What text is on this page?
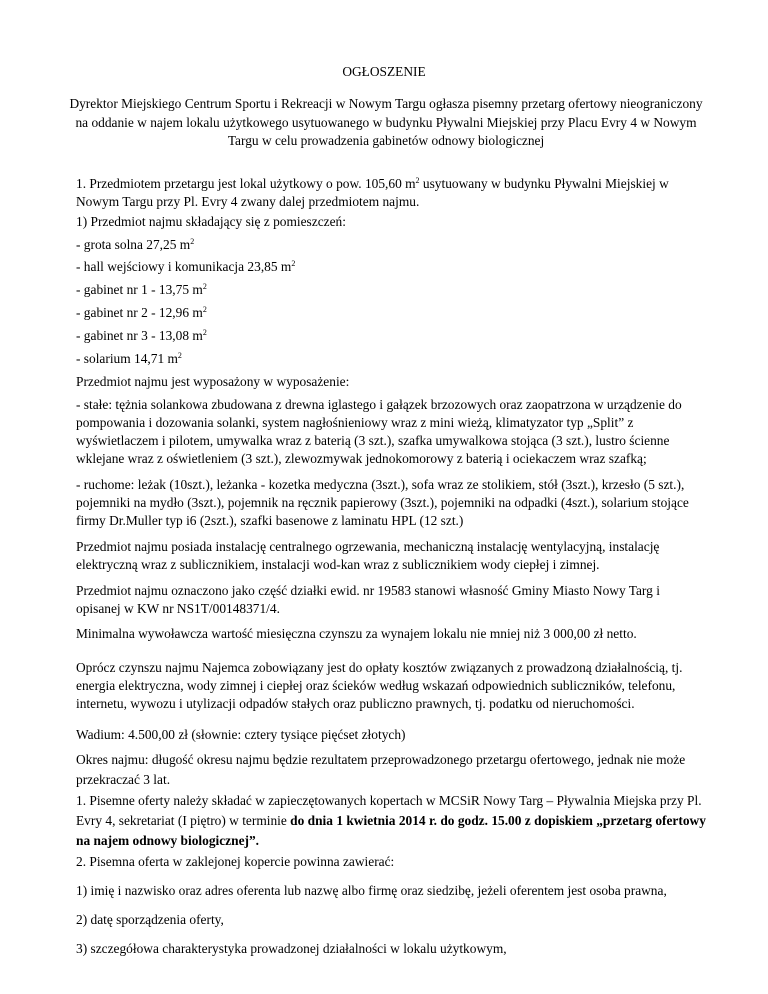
OGŁOSZENIE

Dyrektor Miejskiego Centrum Sportu i Rekreacji w Nowym Targu ogłasza pisemny przetarg ofertowy nieograniczony na oddanie w najem lokalu użytkowego usytuowanego w budynku Pływalni Miejskiej przy Placu Evry 4 w Nowym Targu w celu prowadzenia gabinetów odnowy biologicznej

1. Przedmiotem przetargu jest lokal użytkowy o pow. 105,60 $m^2$ usytuowany w budynku Pływalni Miejskiej w Nowym Targu przy Pl. Evry 4 zwany dalej przedmiotem najmu.

1) Przedmiot najmu składający się z pomieszczeń:

- grota solna 27,25 $m^2$

- hall wejściowy i komunikacja 23,85 $m^2$

- gabinet nr 1 - 13,75 $m^2$

- gabinet nr 2 - 12,96 $m^2$

- gabinet nr 3 - 13,08 $m^2$

- solarium 14,71 $m^2$

Przedmiot najmu jest wyposażony w wyposażenie:

- stałe: tężnia solankowa zbudowana z drewna iglastego i gałązek brzozowych oraz zaopatrzona w urządzenie do pompowania i dozowania solanki, system nagłośnieniowy wraz z mini wieżą, klimatyzator typ „Split” z wyświetlaczem i pilotem, umywalka wraz z baterią (3 szt.), szafka umywalkowa stojąca (3 szt.), lustro ścienne wklejane wraz z oświetleniem (3 szt.), zlewozmywak jednokomorowy z baterią i ociekaczem wraz szafką;

- ruchome: leżak (10szt.), leżanka - kozetka medyczna (3szt.), sofa wraz ze stolikiem, stół (3szt.), krzesło (5 szt.), pojemniki na mydło (3szt.), pojemnik na ręcznik papierowy (3szt.), pojemniki na odpadki (4szt.), solarium stojące firmy Dr.Muller typ i6 (2szt.), szafki basenowe z laminatu HPL (12 szt.)

Przedmiot najmu posiada instalację centralnego ogrzewania, mechaniczną instalację wentylacyjną, instalację elektryczną wraz z sublicznikiem, instalacji wod-kan wraz z sublicznikiem wody ciepłej i zimnej.

Przedmiot najmu oznaczono jako część działki ewid. nr 19583 stanowi własność Gminy Miasto Nowy Targ i opisanej w KW nr NS1T/00148371/4.

Minimalna wywoławcza wartość miesięczna czynszu za wynajem lokalu nie mniej niż 3 000,00 zł netto.

Oprócz czynszu najmu Najemca zobowiązany jest do opłaty kosztów związanych z prowadzoną działalnością, tj. energia elektryczna, wody zimnej i ciepłej oraz ścieków według wskazań odpowiednich subliczników, telefonu, internetu, wywozu i utylizacji odpadów stałych oraz publiczno prawnych, tj. podatku od nieruchomości.

Wadium: 4.500,00 zł (słownie: cztery tysiące pięćset złotych)

Okres najmu: długość okresu najmu będzie rezultatem przeprowadzonego przetargu ofertowego, jednak nie może przekraczać 3 lat.

1. Pisemne oferty należy składać w zapieczętowanych kopertach w MCSiR Nowy Targ – Pływalnia Miejska przy Pl. Evry 4, sekretariat (I piętro) w terminie do dnia 1 kwietnia 2014 r. do godz. 15.00 z dopiskiem „przetarg ofertowy na najem odnowy biologicznej”.

2. Pisemna oferta w zaklejonej kopercie powinna zawierać:

1) imię i nazwisko oraz adres oferenta lub nazwę albo firmę oraz siedzibę, jeżeli oferentem jest osoba prawna,

2) datę sporządzenia oferty,

3) szczegółowa charakterystyka prowadzonej działalności w lokalu użytkowym,
